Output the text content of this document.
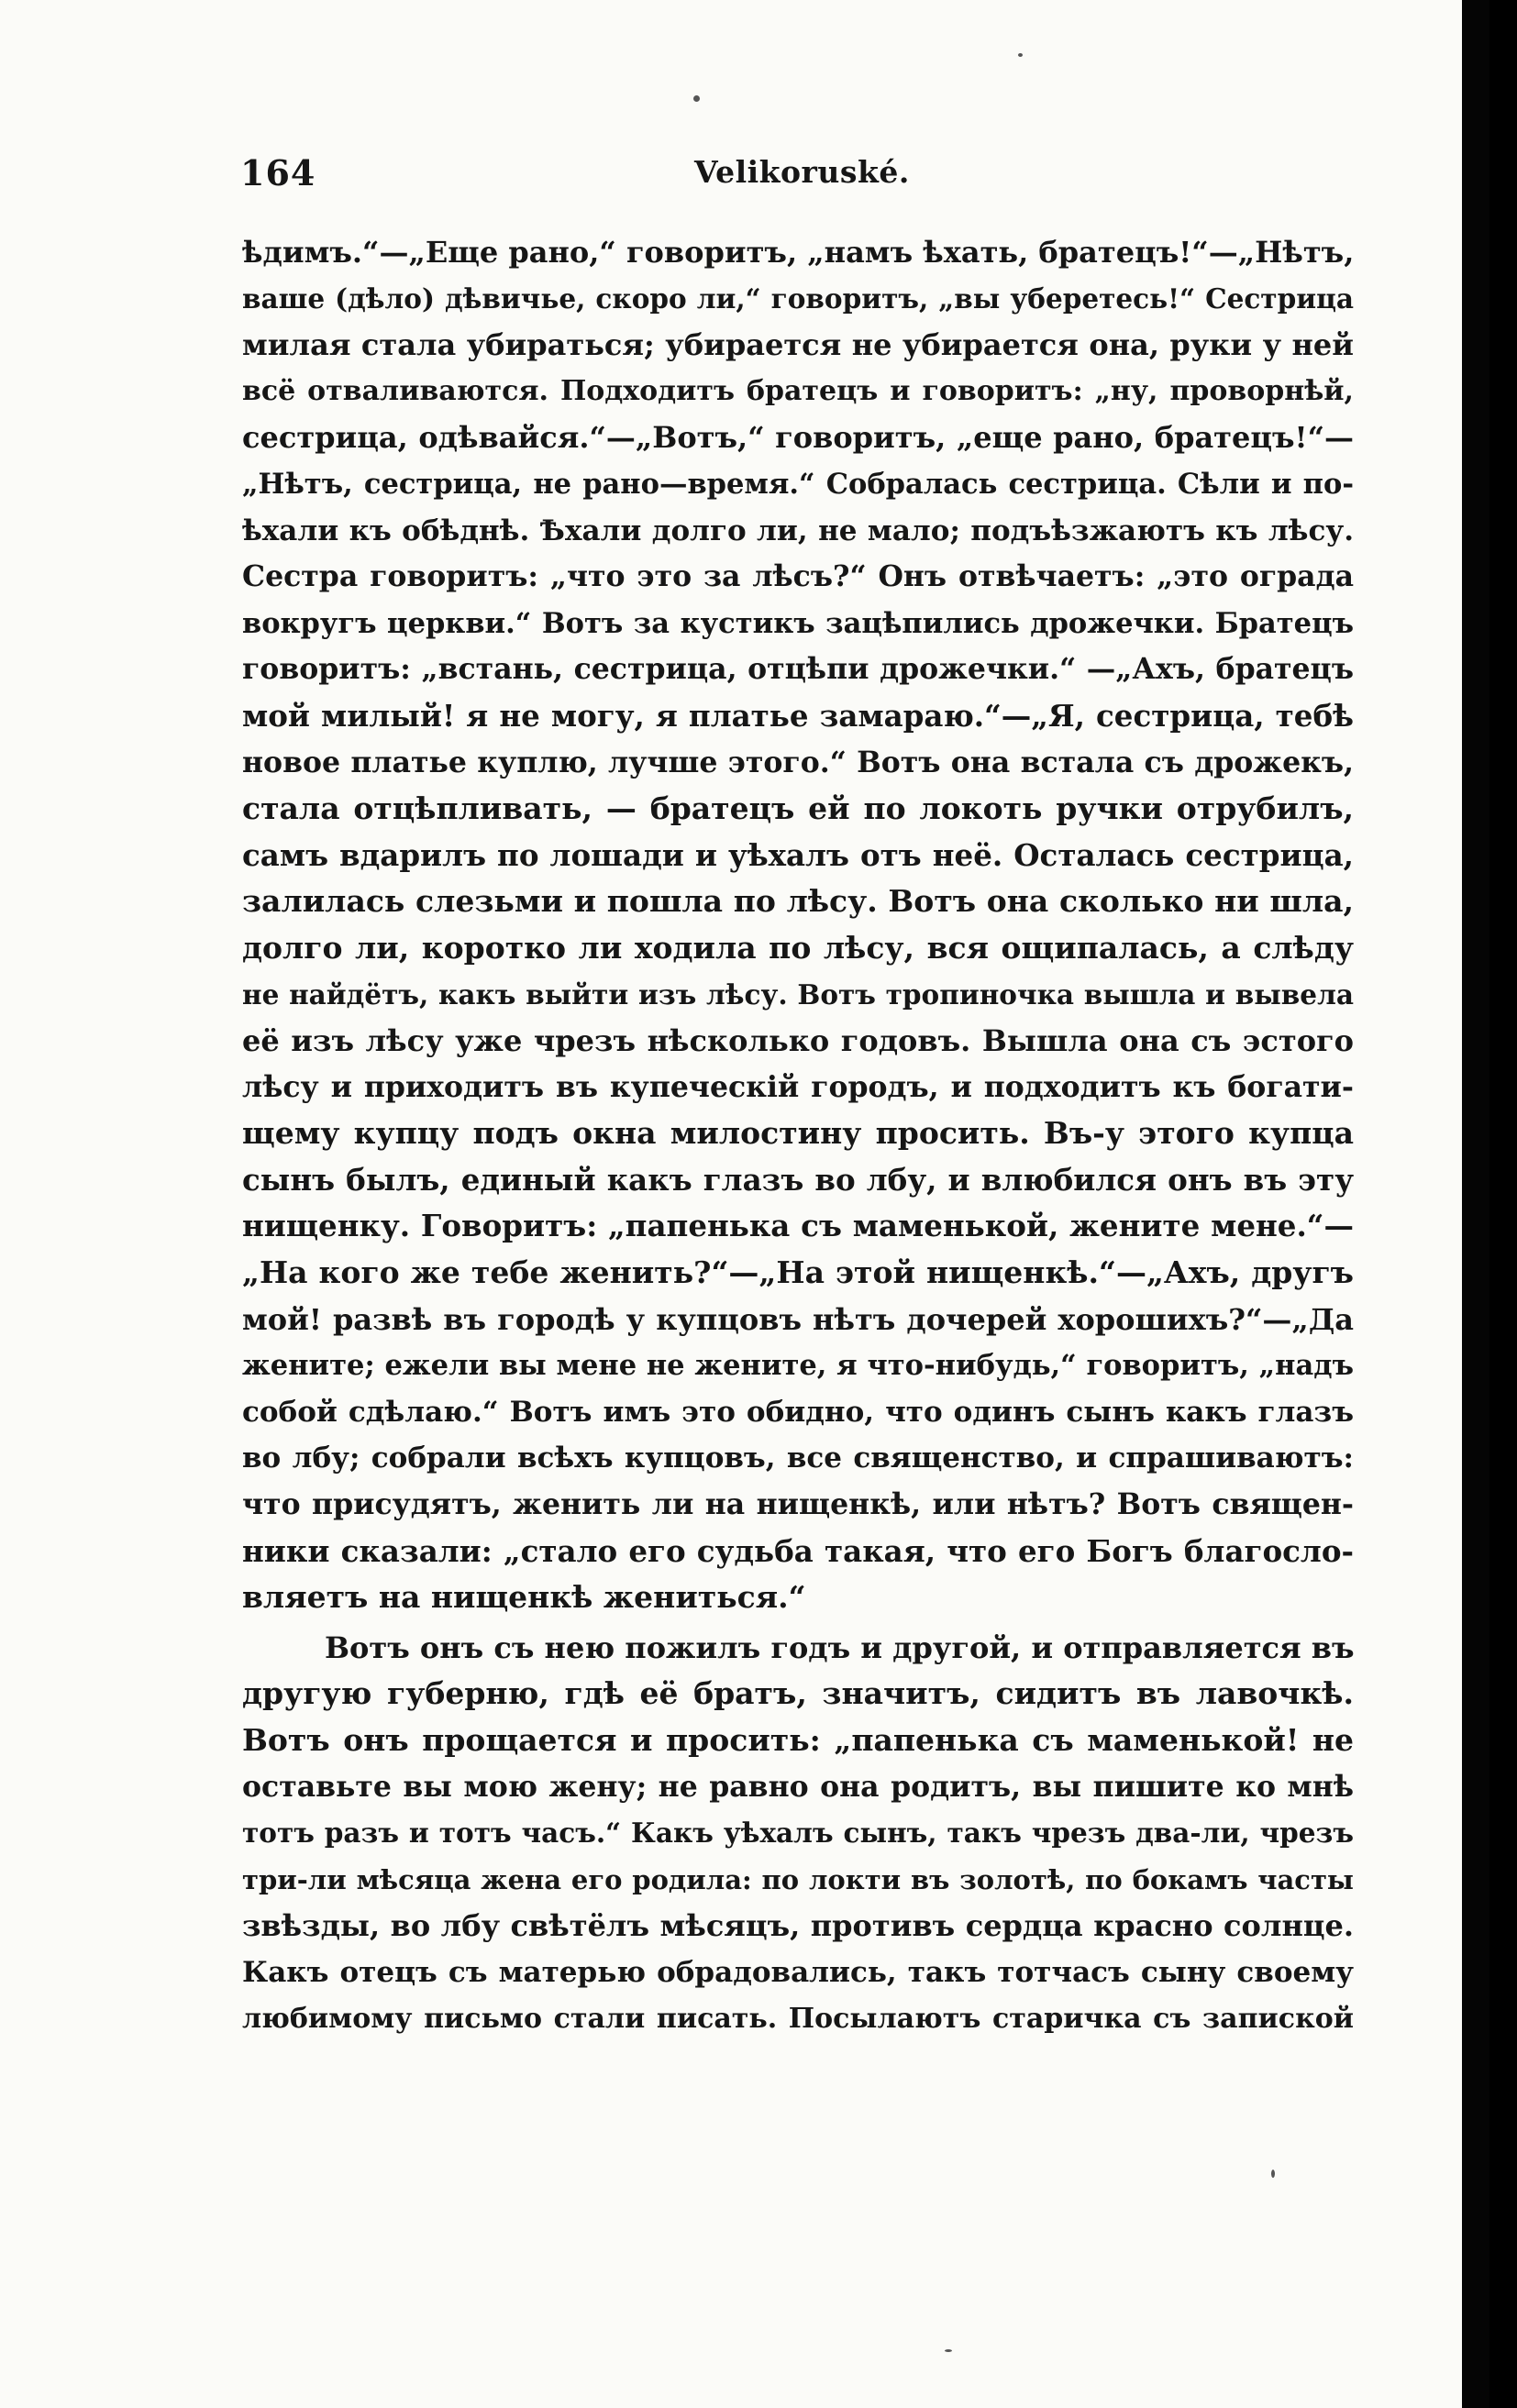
164	Velikoruské.
ѣдимъ.“—„Еще рано,“ говоритъ, „намъ ѣхать, братецъ!“—„Нѣтъ,
ваше (дѣло) дѣвичье, скоро ли,“ говоритъ, „вы уберетесь!“ Сестрица
милая стала убираться; убирается не убирается она, руки у ней
всё отваливаются. Подходитъ братецъ и говоритъ: „ну, проворнѣй,
сестрица, одѣвайся.“—„Вотъ,“ говоритъ, „еще рано, братецъ!“—
„Нѣтъ, сестрица, не рано—время.“ Собралась сестрица. Сѣли и по-
ѣхали къ обѣднѣ. Ѣхали долго ли, не мало; подъѣзжаютъ къ лѣсу.
Сестра говоритъ: „что это за лѣсъ?“ Онъ отвѣчаетъ: „это ограда
вокругъ церкви.“ Вотъ за кустикъ зацѣпились дрожечки. Братецъ
говоритъ: „встань, сестрица, отцѣпи дрожечки.“ —„Ахъ, братецъ
мой милый! я не могу, я платье замараю.“—„Я, сестрица, тебѣ
новое платье куплю, лучше этого.“ Вотъ она встала съ дрожекъ,
стала отцѣпливать, — братецъ ей по локоть ручки отрубилъ,
самъ вдарилъ по лошади и уѣхалъ отъ неё. Осталась сестрица,
залилась слезьми и пошла по лѣсу. Вотъ она сколько ни шла,
долго ли, коротко ли ходила по лѣсу, вся ощипалась, а слѣду
не найдётъ, какъ выйти изъ лѣсу. Вотъ тропиночка вышла и вывела
её изъ лѣсу уже чрезъ нѣсколько годовъ. Вышла она съ эстого
лѣсу и приходитъ въ купеческій городъ, и подходитъ къ богати-
щему купцу подъ окна милостину просить. Въ-у этого купца
сынъ былъ, единый какъ глазъ во лбу, и влюбился онъ въ эту
нищенку. Говоритъ: „папенька съ маменькой, жените мене.“—
„На кого же тебе женить?“—„На этой нищенкѣ.“—„Ахъ, другъ
мой! развѣ въ городѣ у купцовъ нѣтъ дочерей хорошихъ?“—„Да
жените; ежели вы мене не жените, я что-нибудь,“ говоритъ, „надъ
собой сдѣлаю.“ Вотъ имъ это обидно, что одинъ сынъ какъ глазъ
во лбу; собрали всѣхъ купцовъ, все священство, и спрашиваютъ:
что присудятъ, женить ли на нищенкѣ, или нѣтъ? Вотъ священ-
ники сказали: „стало его судьба такая, что его Богъ благосло-
вляетъ на нищенкѣ жениться.“
Вотъ онъ съ нею пожилъ годъ и другой, и отправляется въ
другую губерню, гдѣ её братъ, значитъ, сидитъ въ лавочкѣ.
Вотъ онъ прощается и просить: „папенька съ маменькой! не
оставьте вы мою жену; не равно она родитъ, вы пишите ко мнѣ
тотъ разъ и тотъ часъ.“ Какъ уѣхалъ сынъ, такъ чрезъ два-ли, чрезъ
три-ли мѣсяца жена его родила: по локти въ золотѣ, по бокамъ часты
звѣзды, во лбу свѣтёлъ мѣсяцъ, противъ сердца красно солнце.
Какъ отецъ съ матерью обрадовались, такъ тотчасъ сыну своему
любимому письмо стали писать. Посылаютъ старичка съ запиской
